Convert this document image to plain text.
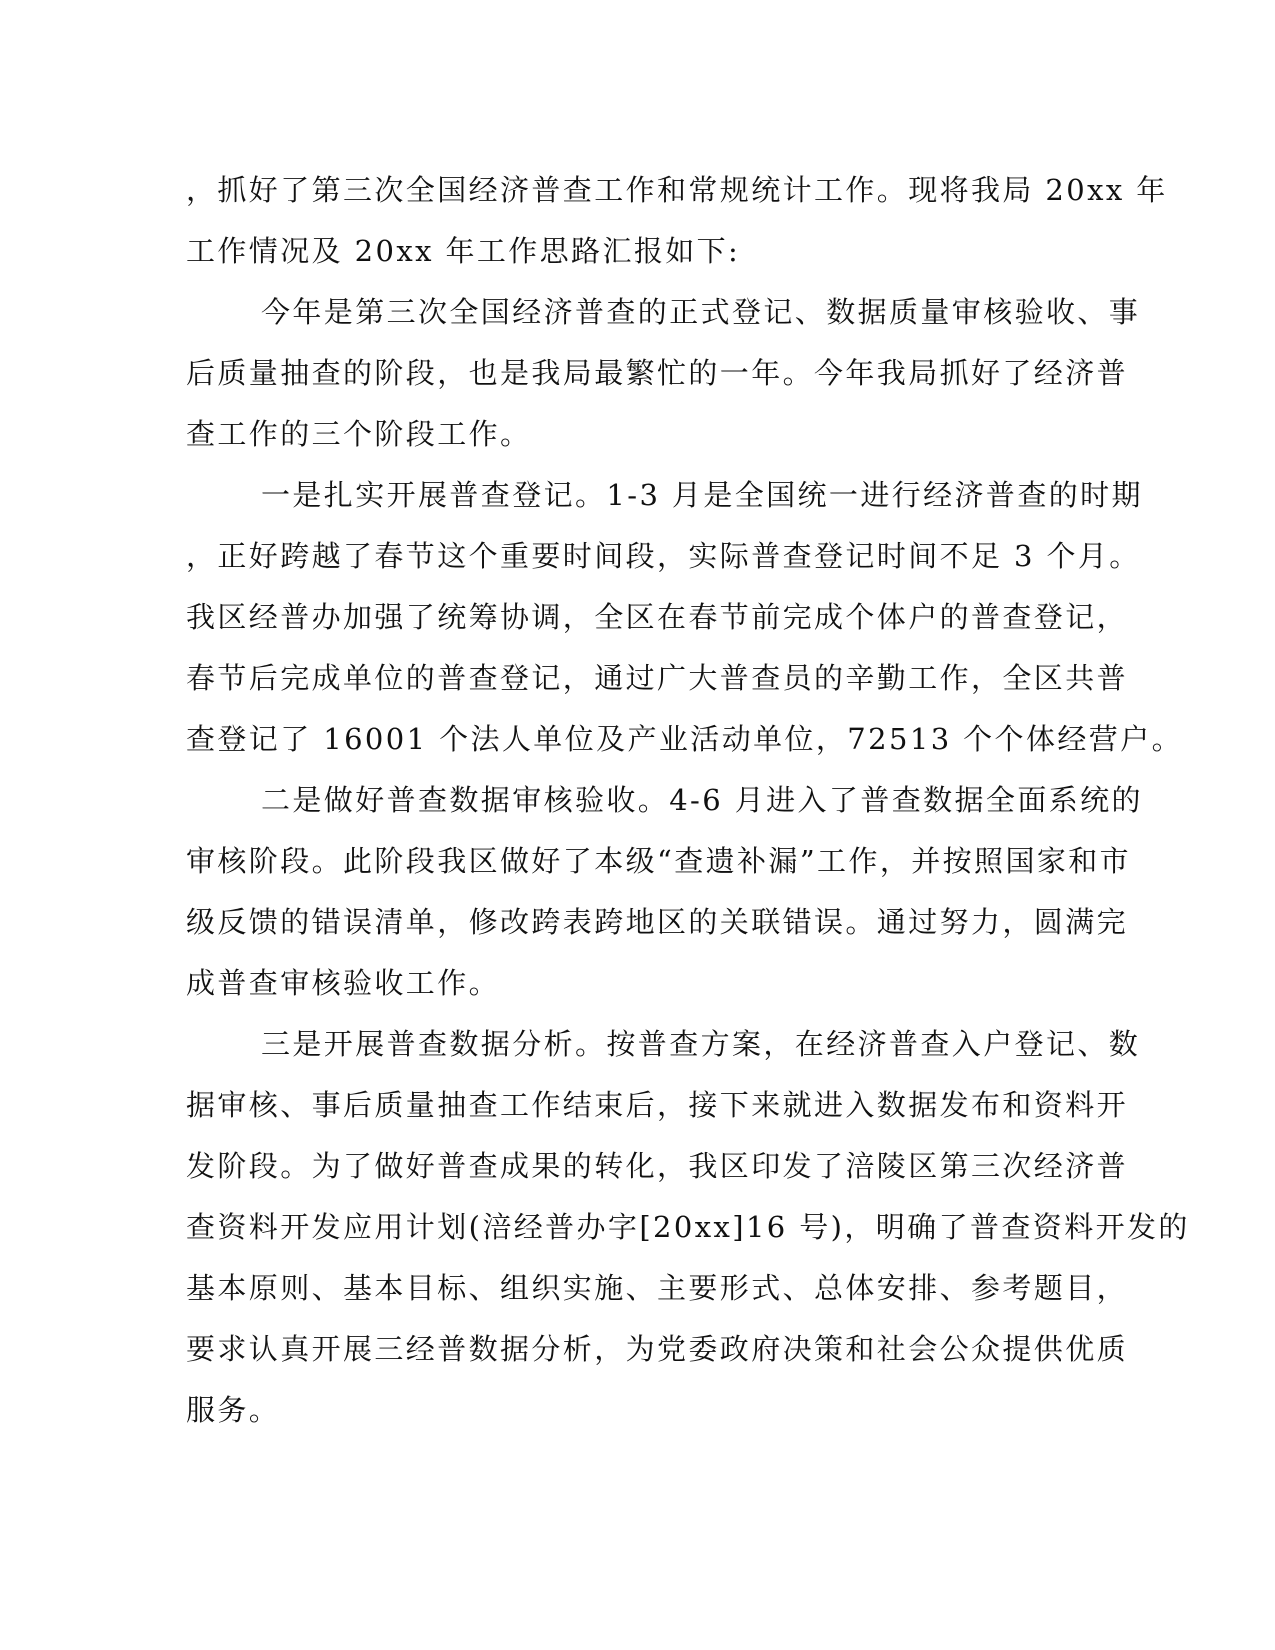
，抓好了第三次全国经济普查工作和常规统计工作。现将我局 20xx 年
工作情况及 20xx 年工作思路汇报如下:
今年是第三次全国经济普查的正式登记、数据质量审核验收、事
后质量抽查的阶段，也是我局最繁忙的一年。今年我局抓好了经济普
查工作的三个阶段工作。
一是扎实开展普查登记。1-3 月是全国统一进行经济普查的时期
，正好跨越了春节这个重要时间段，实际普查登记时间不足 3 个月。
我区经普办加强了统筹协调，全区在春节前完成个体户的普查登记，
春节后完成单位的普查登记，通过广大普查员的辛勤工作，全区共普
查登记了 16001 个法人单位及产业活动单位，72513 个个体经营户。
二是做好普查数据审核验收。4-6 月进入了普查数据全面系统的
审核阶段。此阶段我区做好了本级“查遗补漏”工作，并按照国家和市
级反馈的错误清单，修改跨表跨地区的关联错误。通过努力，圆满完
成普查审核验收工作。
三是开展普查数据分析。按普查方案，在经济普查入户登记、数
据审核、事后质量抽查工作结束后，接下来就进入数据发布和资料开
发阶段。为了做好普查成果的转化，我区印发了涪陵区第三次经济普
查资料开发应用计划(涪经普办字[20xx]16 号)，明确了普查资料开发的
基本原则、基本目标、组织实施、主要形式、总体安排、参考题目，
要求认真开展三经普数据分析，为党委政府决策和社会公众提供优质
服务。
